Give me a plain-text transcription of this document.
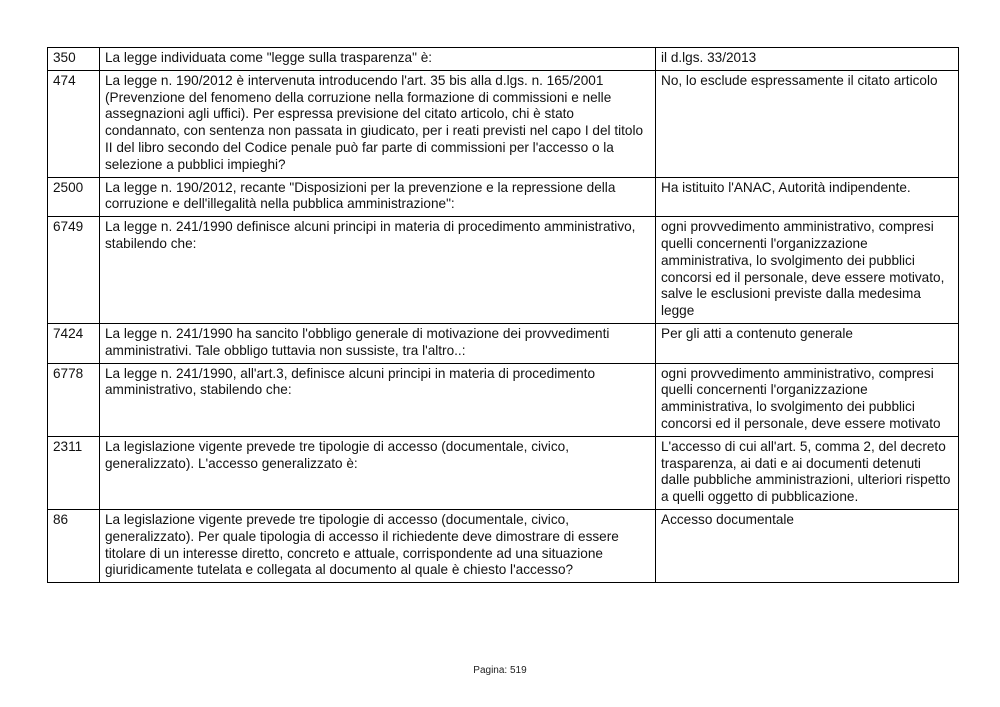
350	La legge individuata come "legge sulla trasparenza" è:	il d.lgs. 33/2013
474	La legge n. 190/2012 è intervenuta introducendo l'art. 35 bis alla d.lgs. n. 165/2001 (Prevenzione del fenomeno della corruzione nella formazione di commissioni e nelle assegnazioni agli uffici). Per espressa previsione del citato articolo, chi è stato condannato, con sentenza non passata in giudicato, per i reati previsti nel capo I del titolo II del libro secondo del Codice penale può far parte di commissioni per l'accesso o la selezione a pubblici impieghi?	No, lo esclude espressamente il citato articolo
2500	La legge n. 190/2012, recante "Disposizioni per la prevenzione e la repressione della corruzione e dell'illegalità nella pubblica amministrazione":	Ha istituito l'ANAC, Autorità indipendente.
6749	La legge n. 241/1990 definisce alcuni principi in materia di procedimento amministrativo, stabilendo che:	ogni provvedimento amministrativo, compresi quelli concernenti l'organizzazione amministrativa, lo svolgimento dei pubblici concorsi ed il personale, deve essere motivato, salve le esclusioni previste dalla medesima legge
7424	La legge n. 241/1990 ha sancito l'obbligo generale di motivazione dei provvedimenti amministrativi. Tale obbligo tuttavia non sussiste, tra l'altro..:	Per gli atti a contenuto generale
6778	La legge n. 241/1990, all'art.3, definisce alcuni principi in materia di procedimento amministrativo, stabilendo che:	ogni provvedimento amministrativo, compresi quelli concernenti l'organizzazione amministrativa, lo svolgimento dei pubblici concorsi ed il personale, deve essere motivato
2311	La legislazione vigente prevede tre tipologie di accesso (documentale, civico, generalizzato). L'accesso generalizzato è:	L'accesso di cui all'art. 5, comma 2, del decreto trasparenza, ai dati e ai documenti detenuti dalle pubbliche amministrazioni, ulteriori rispetto a quelli oggetto di pubblicazione.
86	La legislazione vigente prevede tre tipologie di accesso (documentale, civico, generalizzato). Per quale tipologia di accesso il richiedente deve dimostrare di essere titolare di un interesse diretto, concreto e attuale, corrispondente ad una situazione giuridicamente tutelata e collegata al documento al quale è chiesto l'accesso?	Accesso documentale
Pagina: 519
